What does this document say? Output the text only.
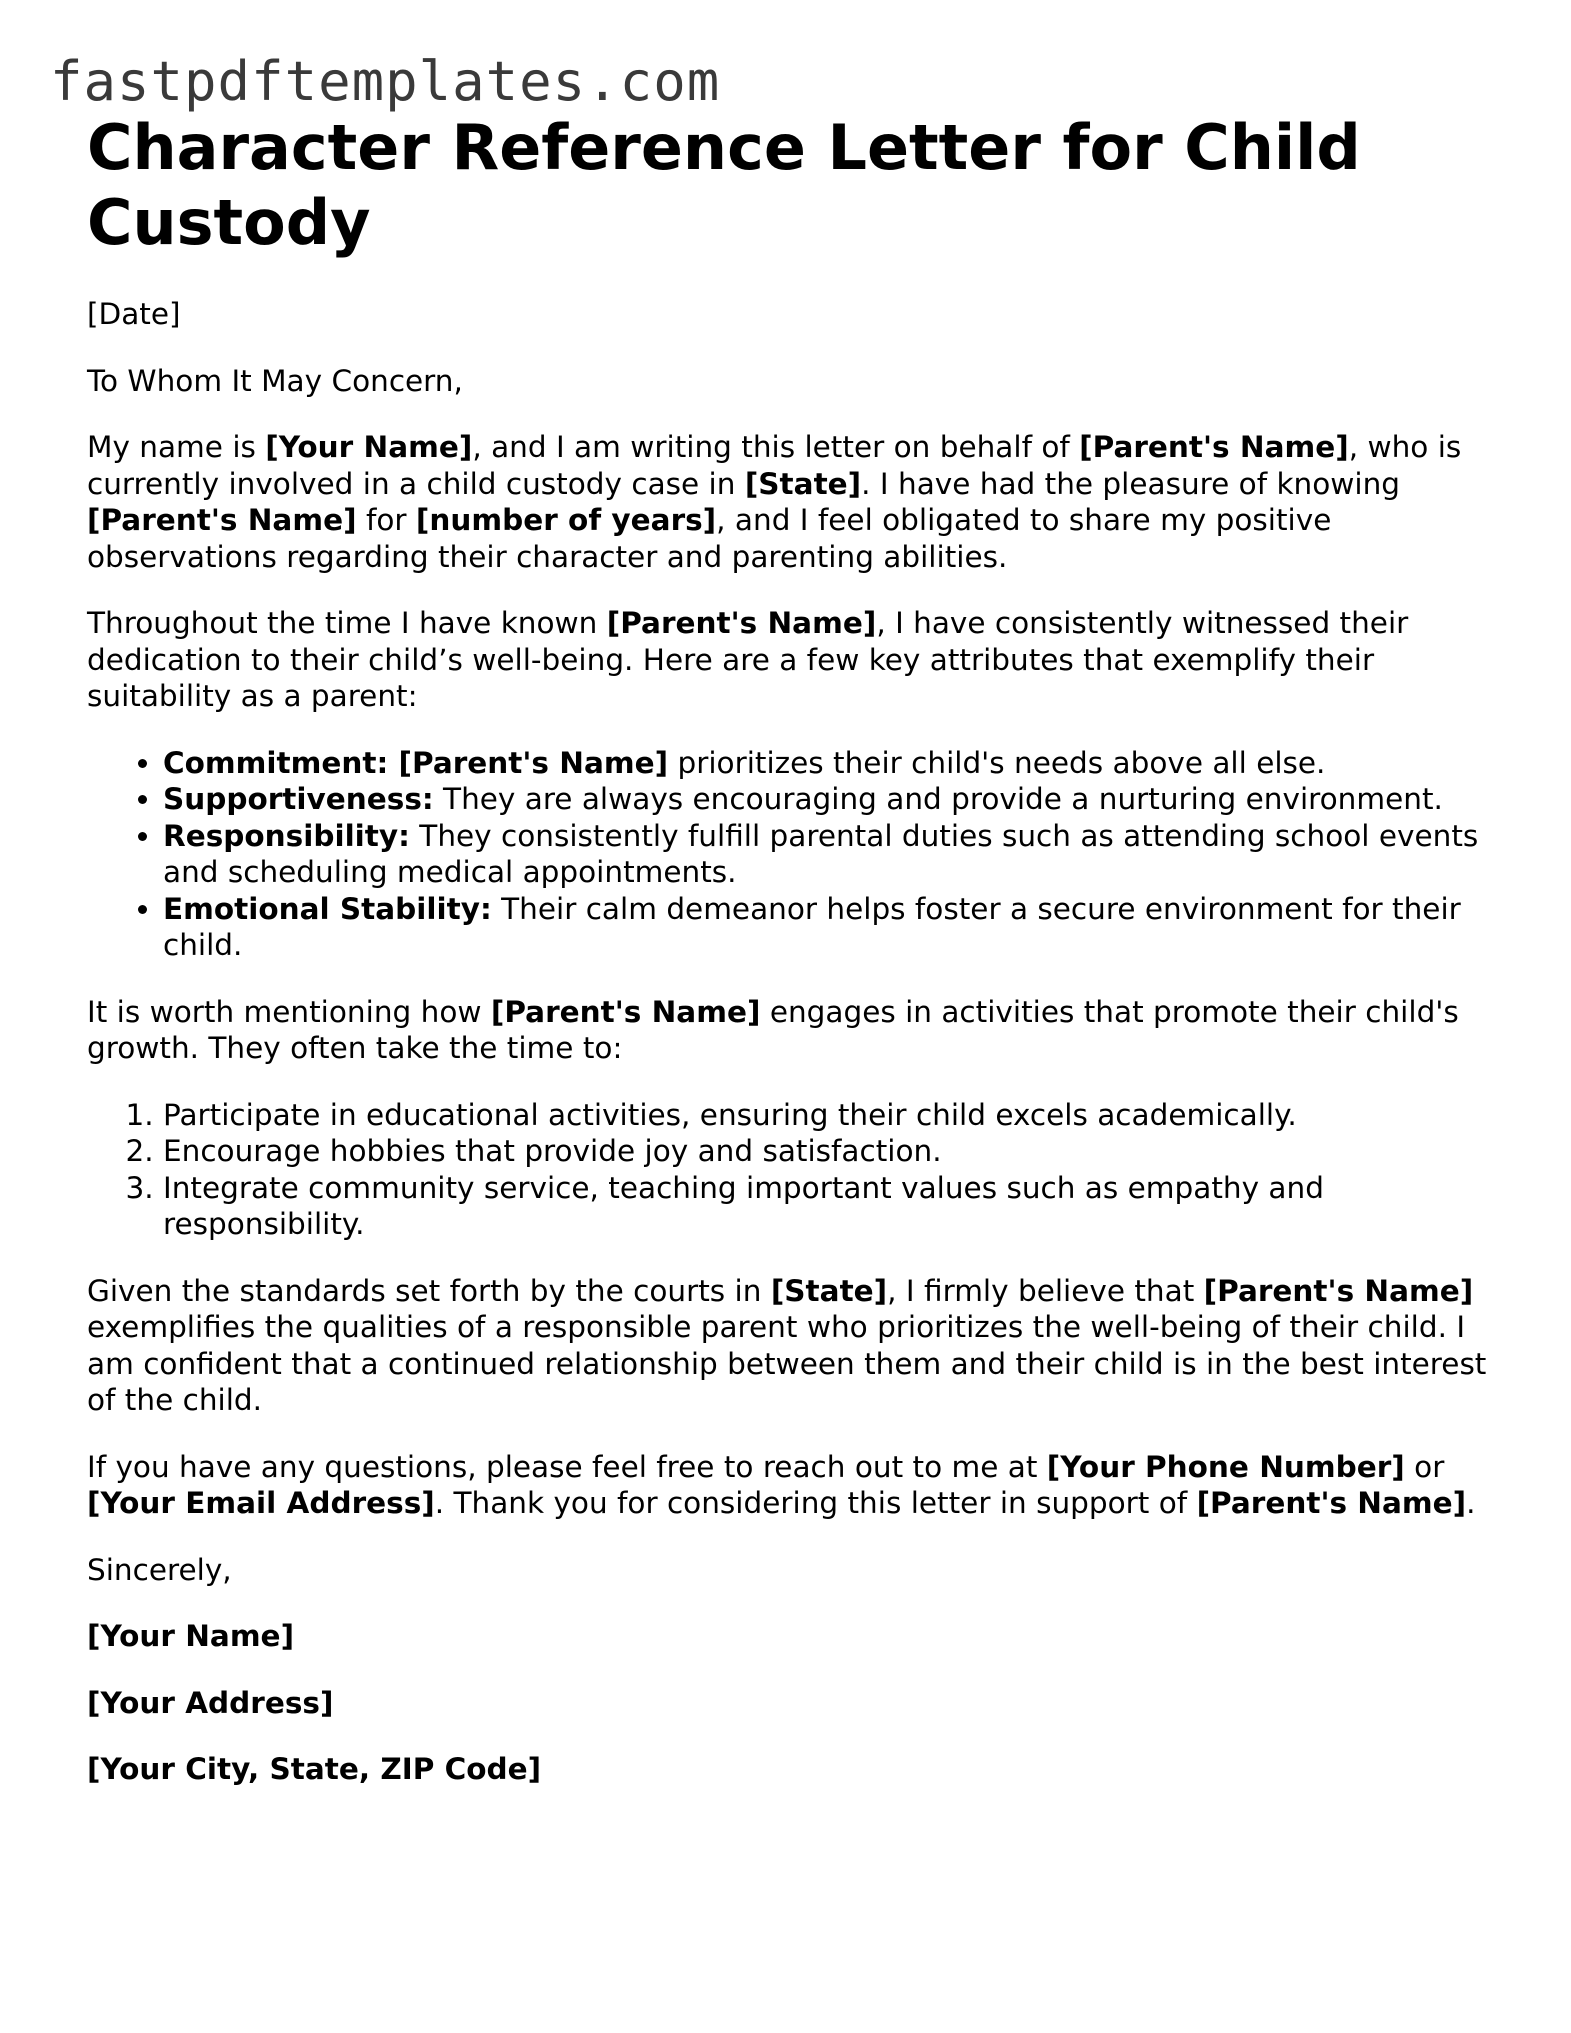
fastpdftemplates.com
Character Reference Letter for Child Custody

[Date]

To Whom It May Concern,

My name is [Your Name], and I am writing this letter on behalf of [Parent's Name], who is currently involved in a child custody case in [State]. I have had the pleasure of knowing [Parent's Name] for [number of years], and I feel obligated to share my positive observations regarding their character and parenting abilities.

Throughout the time I have known [Parent's Name], I have consistently witnessed their dedication to their child’s well-being. Here are a few key attributes that exemplify their suitability as a parent:

• Commitment: [Parent's Name] prioritizes their child's needs above all else.
• Supportiveness: They are always encouraging and provide a nurturing environment.
• Responsibility: They consistently fulfill parental duties such as attending school events and scheduling medical appointments.
• Emotional Stability: Their calm demeanor helps foster a secure environment for their child.

It is worth mentioning how [Parent's Name] engages in activities that promote their child's growth. They often take the time to:

1. Participate in educational activities, ensuring their child excels academically.
2. Encourage hobbies that provide joy and satisfaction.
3. Integrate community service, teaching important values such as empathy and responsibility.

Given the standards set forth by the courts in [State], I firmly believe that [Parent's Name] exemplifies the qualities of a responsible parent who prioritizes the well-being of their child. I am confident that a continued relationship between them and their child is in the best interest of the child.

If you have any questions, please feel free to reach out to me at [Your Phone Number] or [Your Email Address]. Thank you for considering this letter in support of [Parent's Name].

Sincerely,

[Your Name]

[Your Address]

[Your City, State, ZIP Code]
